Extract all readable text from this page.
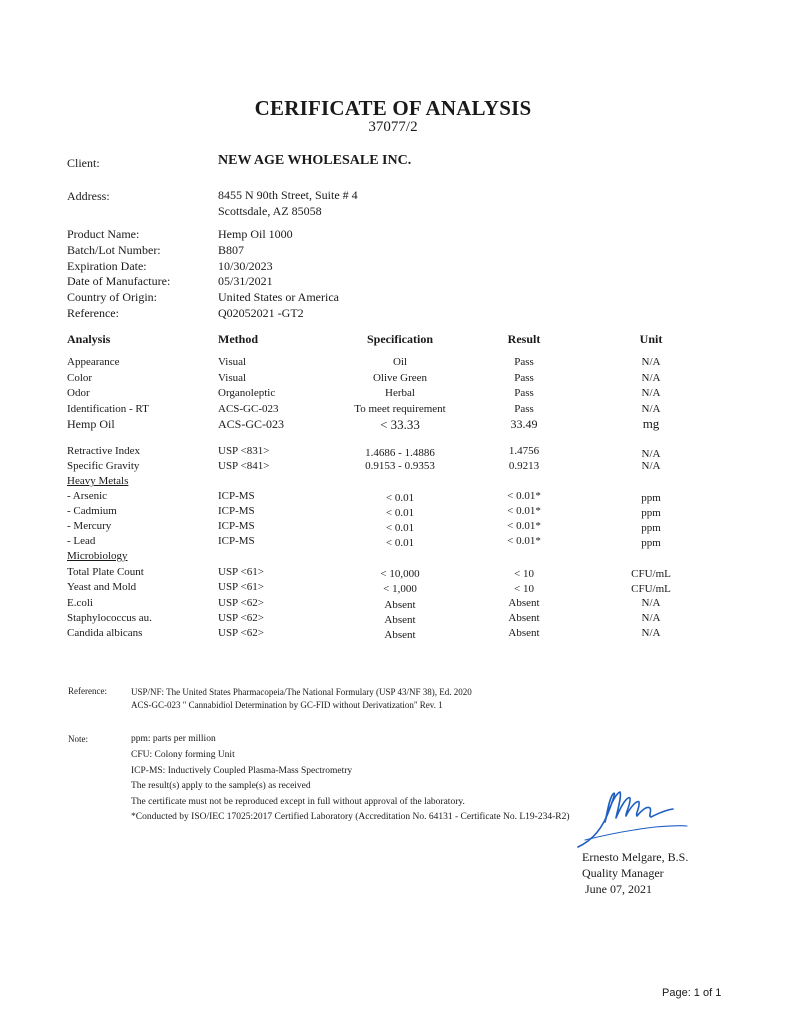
CERIFICATE OF ANALYSIS
37077/2
Client:	NEW AGE WHOLESALE INC.
Address:	8455 N 90th Street, Suite # 4
Scottsdale, AZ 85058
Product Name:	Hemp Oil 1000
Batch/Lot Number:	B807
Expiration Date:	10/30/2023
Date of Manufacture:	05/31/2021
Country of Origin:	United States or America
Reference:	Q02052021 -GT2
Analysis	Method	Specification	Result	Unit
Appearance	Visual	Oil	Pass	N/A
Color	Visual	Olive Green	Pass	N/A
Odor	Organoleptic	Herbal	Pass	N/A
Identification - RT	ACS-GC-023	To meet requirement	Pass	N/A
Hemp Oil	ACS-GC-023	< 33.33	33.49	mg
Retractive Index	USP <831>	1.4686 - 1.4886	1.4756	N/A
Specific Gravity	USP <841>	0.9153 - 0.9353	0.9213	N/A
Heavy Metals
- Arsenic	ICP-MS	< 0.01	< 0.01*	ppm
- Cadmium	ICP-MS	< 0.01	< 0.01*	ppm
- Mercury	ICP-MS	< 0.01	< 0.01*	ppm
- Lead	ICP-MS	< 0.01	< 0.01*	ppm
Microbiology
Total Plate Count	USP <61>	< 10,000	< 10	CFU/mL
Yeast and Mold	USP <61>	< 1,000	< 10	CFU/mL
E.coli	USP <62>	Absent	Absent	N/A
Staphylococcus au.	USP <62>	Absent	Absent	N/A
Candida albicans	USP <62>	Absent	Absent	N/A
Reference:	USP/NF: The United States Pharmacopeia/The National Formulary (USP 43/NF 38), Ed. 2020
ACS-GC-023 " Cannabidiol Determination by GC-FID without Derivatization" Rev. 1
Note:	ppm: parts per million
CFU: Colony forming Unit
ICP-MS: Inductively Coupled Plasma-Mass Spectrometry
The result(s) apply to the sample(s) as received
The certificate must not be reproduced except in full without approval of the laboratory.
*Conducted by ISO/IEC 17025:2017 Certified Laboratory (Accreditation No. 64131 - Certificate No. L19-234-R2)
Ernesto Melgare, B.S.
Quality Manager
June 07, 2021
Page: 1 of 1
